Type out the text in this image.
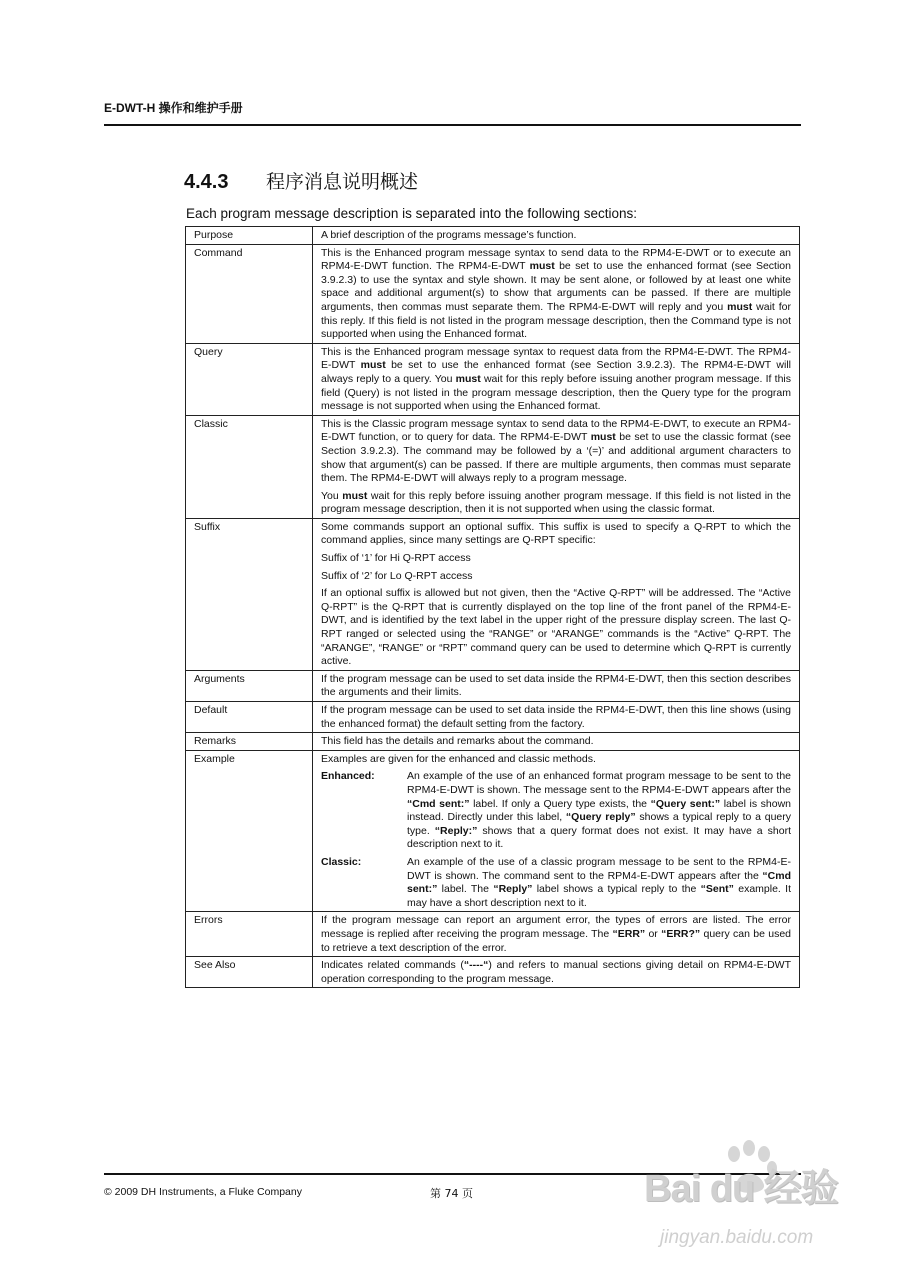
E-DWT-H 操作和维护手册
4.4.3 程序消息说明概述
Each program message description is separated into the following sections:
Purpose	A brief description of the programs message’s function.
Command	This is the Enhanced program message syntax to send data to the RPM4-E-DWT or to execute an RPM4-E-DWT function. The RPM4-E-DWT must be set to use the enhanced format (see Section 3.9.2.3) to use the syntax and style shown. It may be sent alone, or followed by at least one white space and additional argument(s) to show that arguments can be passed. If there are multiple arguments, then commas must separate them. The RPM4-E-DWT will reply and you must wait for this reply. If this field is not listed in the program message description, then the Command type is not supported when using the Enhanced format.
Query	This is the Enhanced program message syntax to request data from the RPM4-E-DWT. The RPM4-E-DWT must be set to use the enhanced format (see Section 3.9.2.3). The RPM4-E-DWT will always reply to a query. You must wait for this reply before issuing another program message. If this field (Query) is not listed in the program message description, then the Query type for the program message is not supported when using the Enhanced format.
Classic	This is the Classic program message syntax to send data to the RPM4-E-DWT, to execute an RPM4-E-DWT function, or to query for data. The RPM4-E-DWT must be set to use the classic format (see Section 3.9.2.3). The command may be followed by a ‘(=)’ and additional argument characters to show that argument(s) can be passed. If there are multiple arguments, then commas must separate them. The RPM4-E-DWT will always reply to a program message.
You must wait for this reply before issuing another program message. If this field is not listed in the program message description, then it is not supported when using the classic format.

Suffix	Some commands support an optional suffix. This suffix is used to specify a Q-RPT to which the command applies, since many settings are Q-RPT specific:
Suffix of ‘1’ for Hi Q-RPT access
Suffix of ‘2’ for Lo Q-RPT access
If an optional suffix is allowed but not given, then the “Active Q-RPT” will be addressed. The “Active Q-RPT” is the Q-RPT that is currently displayed on the top line of the front panel of the RPM4-E-DWT, and is identified by the text label in the upper right of the pressure display screen. The last Q-RPT ranged or selected using the “RANGE” or “ARANGE” commands is the “Active” Q-RPT. The “ARANGE”, “RANGE” or “RPT” command query can be used to determine which Q-RPT is currently active.

Arguments	If the program message can be used to set data inside the RPM4-E-DWT, then this section describes the arguments and their limits.
Default	If the program message can be used to set data inside the RPM4-E-DWT, then this line shows (using the enhanced format) the default setting from the factory.
Remarks	This field has the details and remarks about the command.
Example	Examples are given for the enhanced and classic methods.
Enhanced: An example of the use of an enhanced format program message to be sent to the RPM4-E-DWT is shown. The message sent to the RPM4-E-DWT appears after the “Cmd sent:” label. If only a Query type exists, the “Query sent:” label is shown instead. Directly under this label, “Query reply” shows a typical reply to a query type. “Reply:” shows that a query format does not exist. It may have a short description next to it.
Classic: An example of the use of a classic program message to be sent to the RPM4-E-DWT is shown. The command sent to the RPM4-E-DWT appears after the “Cmd sent:” label. The “Reply” label shows a typical reply to the “Sent” example. It may have a short description next to it.

Errors	If the program message can report an argument error, the types of errors are listed. The error message is replied after receiving the program message. The “ERR” or “ERR?” query can be used to retrieve a text description of the error.
See Also	Indicates related commands (“----“) and refers to manual sections giving detail on RPM4-E-DWT operation corresponding to the program message.
© 2009 DH Instruments, a Fluke Company	第 74 页	Bai du 经验
jingyan.baidu.com
